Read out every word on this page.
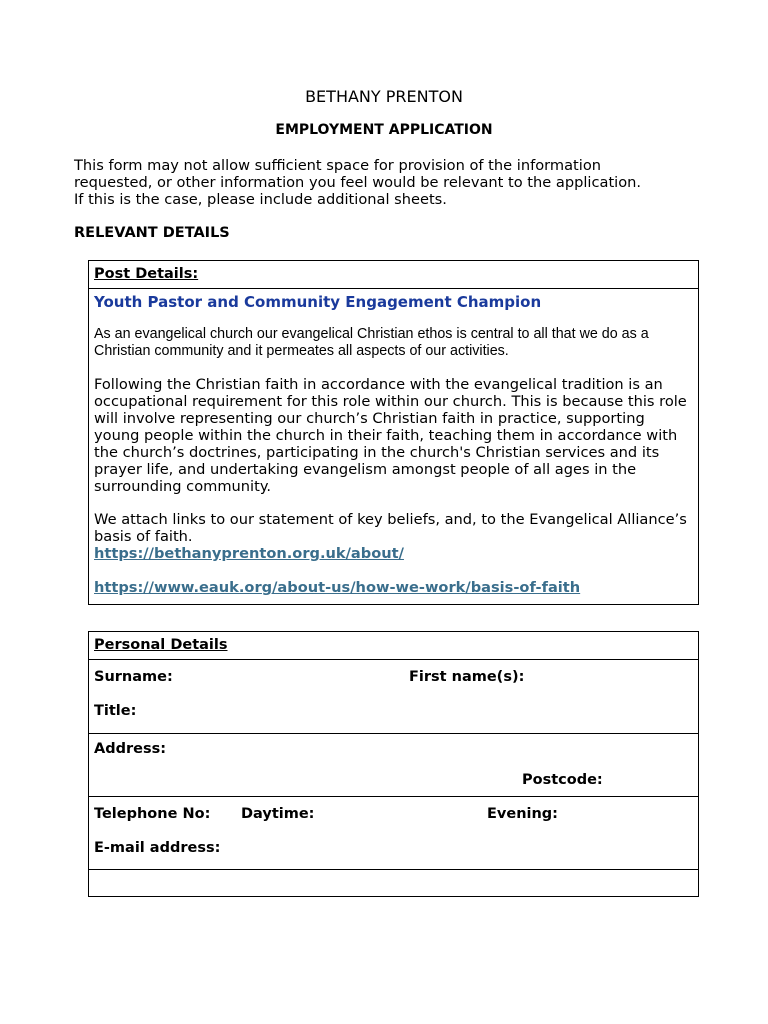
BETHANY PRENTON
EMPLOYMENT APPLICATION
This form may not allow sufficient space for provision of the information
requested, or other information you feel would be relevant to the application.
If this is the case, please include additional sheets.
RELEVANT DETAILS
Post Details:
Youth Pastor and Community Engagement Champion
As an evangelical church our evangelical Christian ethos is central to all that we do as a Christian community and it permeates all aspects of our activities.
Following the Christian faith in accordance with the evangelical tradition is an occupational requirement for this role within our church. This is because this role will involve representing our church’s Christian faith in practice, supporting young people within the church in their faith, teaching them in accordance with the church’s doctrines, participating in the church's Christian services and its prayer life, and undertaking evangelism amongst people of all ages in the surrounding community.
We attach links to our statement of key beliefs, and, to the Evangelical Alliance’s basis of faith.
https://bethanyprenton.org.uk/about/
https://www.eauk.org/about-us/how-we-work/basis-of-faith
Personal Details
Surname:	First name(s):
Title:
Address:
Postcode:
Telephone No: Daytime:	Evening:
E-mail address:
